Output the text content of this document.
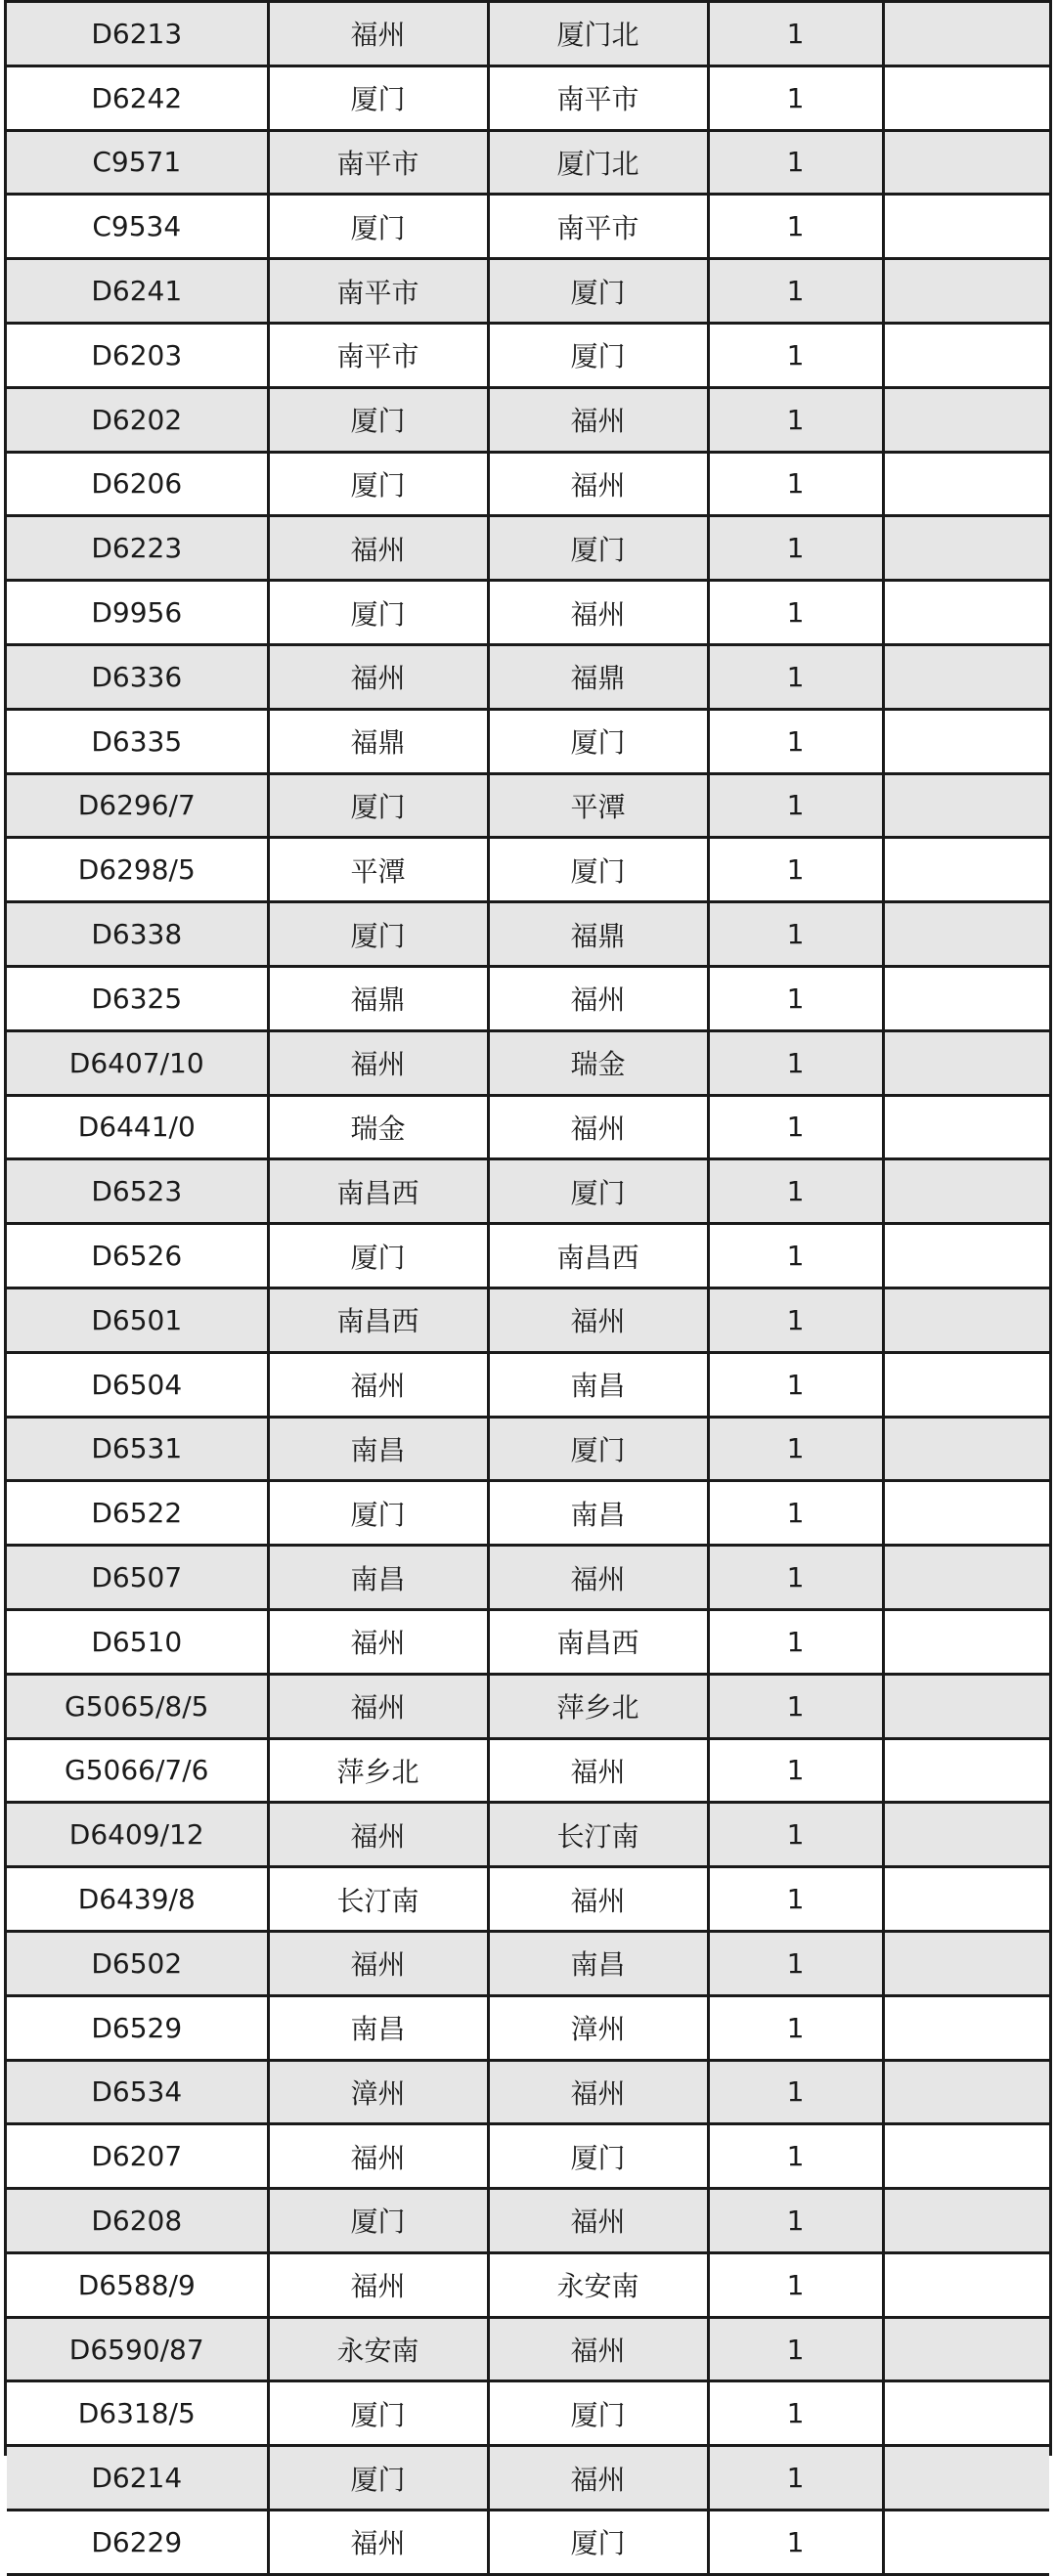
D6213	福州	厦门北	1	
D6242	厦门	南平市	1	
C9571	南平市	厦门北	1	
C9534	厦门	南平市	1	
D6241	南平市	厦门	1	
D6203	南平市	厦门	1	
D6202	厦门	福州	1	
D6206	厦门	福州	1	
D6223	福州	厦门	1	
D9956	厦门	福州	1	
D6336	福州	福鼎	1	
D6335	福鼎	厦门	1	
D6296/7	厦门	平潭	1	
D6298/5	平潭	厦门	1	
D6338	厦门	福鼎	1	
D6325	福鼎	福州	1	
D6407/10	福州	瑞金	1	
D6441/0	瑞金	福州	1	
D6523	南昌西	厦门	1	
D6526	厦门	南昌西	1	
D6501	南昌西	福州	1	
D6504	福州	南昌	1	
D6531	南昌	厦门	1	
D6522	厦门	南昌	1	
D6507	南昌	福州	1	
D6510	福州	南昌西	1	
G5065/8/5	福州	萍乡北	1	
G5066/7/6	萍乡北	福州	1	
D6409/12	福州	长汀南	1	
D6439/8	长汀南	福州	1	
D6502	福州	南昌	1	
D6529	南昌	漳州	1	
D6534	漳州	福州	1	
D6207	福州	厦门	1	
D6208	厦门	福州	1	
D6588/9	福州	永安南	1	
D6590/87	永安南	福州	1	
D6318/5	厦门	厦门	1	
D6214	厦门	福州	1	
D6229	福州	厦门	1	
